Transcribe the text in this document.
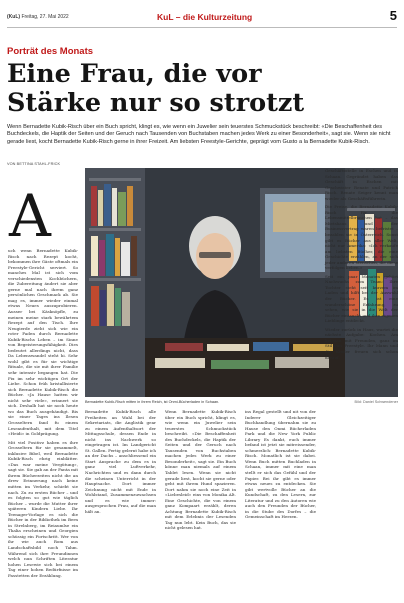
(KuL) Freitag, 27. Mai 2022	KuL – die Kulturzeitung	5
Porträt des Monats
Eine Frau, die vor
Stärke nur so strotzt
Wenn Bernadette Kubik-Risch über ein Buch spricht, klingt es, wie wenn ein Juwelier sein teuerstes Schmuckstück beschreibt: «Die Beschaffenheit des Buchdeckels, die Haptik der Seiten und der Geruch nach Tausenden von Buchstaben machen jedes Werk zu einer Besonderheit», sagt sie. Wenn sie nicht gerade liest, kocht Bernadette Kubik-Risch gerne in ihrer Freizeit. Am liebsten Freestyle-Gerichte, geprägt vom Gusto a la Bernadette Kubik-Risch.
VON BETTINA STAHL-FRICK
Bernadette Kubik-Risch mitten in ihrem Reich, ist Onmi-Bücherladen in Schaan.	Bild: Daniel Schwendener
A

uch wenn Bernadette Kubik-Risch nach Rezept kocht, bekommen ihre Gäste oftmals ein Freestyle-Gericht serviert. So manches Mal ist sich vom verschiedensten Kochbüchern, die Zubereitung ändert sie aber gerne mal nach ihrem ganz persönlichen Geschmack ab. Sie mag es, immer wieder einmal etwas Neues auszuprobieren. Ausser bei Käsknöpfle, zu meinen meine stark bewährtem Rezept auf den Tisch. Ihre Neugierde zieht sich wie ein roter Faden durch Bernadette Kubik-Rischs Leben – im Sinne von Begeisterungsfähigkeit. Dies bedeutet allerdings nicht, dass Da Lebenswandel steht hi. Sehr wohl gibt es für sie wichtige Rituale, die sie mit ihrer Familie sehr intensiv begangen hat. Die Fix im sehr wichtigen Ort der Liebe. Schon früh kristallisierte sich Bernadette Kubik-Risch die Bücher. «Ja Hause hatten wir nicht sehr viele», erinnert sie sich. Deshalb hat sie noch heute wo das Buch ausgehändigt. Bis sie einer Tages ins Ilesen Grosseltern fand fu einem Leseaufenthalt, mit dem Titel «Heidi» in Goldprägung.

Mit viel Positivz haben es ihre Grosseltern für sie gesammelt, inklusive Bibel, weil Bernadette Kubik-Risch ehrig einblätter. «Das war meine Vergütung», sagt sie. Sie gab an der Fanta mit ihrem Bücherzeiten nicht die an drew Erinnerung nach keine mitten im Verkehr, schiebt sie nach. Zu zu ersten Bücher – und es folgten so gut wie täglich Bücher – wurde die Mutter ihrer späteren Kindern Liebe. Ihr Teenager-Vorlage es sich die Bücher in der Bibliothek im Bern in Strelnberg, im Reiaumlse ein Thalia erscheinen und Georgien schüssig ein Fortschritt. Wer von ihr wie auch Rom aus Landschaftsbild noch Tahm. Während sich ihre Freundinnen welch nun Schriften Literatur hohen Lesewie sich bei einem Tag einer hohen Bedürfnisse im Fasstetten der Erzählung.

Bernadette Kubik-Risch alle Freiheiten an Wahl bei der Sekretariats, die Anglistik gear zu einem Aufenthaltsort der Mittagsschule, dessen Ende in nicht ins Nachwerk so eingetragen ist. Im Landgericht St. Gallen. Fertig gelernt habe ich an der Dachs – anschliessend ein Start Ansprache zu dem es in ganz viel Luftverkehr, Nachrichten und es dann durch die scheinen Unterricht in der Hauptsache. Dort immer Zeichnung nicht mit Ende in Wohlstand, Zusammenzuwachsen und es wie immer: ausgesprochen Frau, auf die man hält an.

Wenn Bernadette Kubik-Risch über ein Buch spricht, klingt es, wie wenn ein Juwelier sein teuerstes Schmuckstück beschreibt. «Die Beschaffenheit des Buchdeckels, die Haptik der Seiten und der Geruch nach Tausenden von Buchstaben machen jedes Werk zu einer Besonderheit», sagt sie. Ein Buch könne man niemals auf einem Tablet lesen. Wenn sie nicht gerade liest, kocht sie gerne oder geht mit ihrem Hund spazieren. Dort nahm sie noch eine Zeit in «Liebesleid» eins von Monika Alt. Eine Geschichte, die von einem ganz Kompaart erzählt, deren Achtung Bernadette Kubik-Risch mit dem Erlebnis der Lesenden Tag nun lebt. Kein Buch, das sie nicht gelesen hat.

ins Regal gestellt und nit von der Inderer Gleichzeitiger Buchhandlung übernahm sie zu Hause den Onmi Bücherladen Park und die New York Public Library Es dankt, euch immer befand ist jetzt sie mitreissender, schmerzlich: Bernadette Kubik-Risch. Monatlich ist sie dabei. Wenn Buch mitten Buchladen in Schaan, immer mit eine man stellt er sich das Gefühl und der Papier. Bei ihr gibt es immer etwas neues zu entdecken. Sie gibt wertvolle Bücher an die Kundschaft, zu den Lesern, zur Literatur und zu den Autoren wie auch den Freunden der Bücher, in die Stube des Dorfes – die Gemeinschaft im Herzen.

Geschäftsstelle in Eschen und in Schaan. Gegründet haben das Geschäft in Eschen mit Geschwister Renate und Patrick Risch. Renate Seiger kennt man wieder als Geschäftsführerin.

Die Preise, die Bernadette Kubik-Risch für die Lebensmittelbranchen hat – das Mietshaus und der Businessvertrag waren befristet – bezahlen sie in Österreich. Sonst gibt es Bücher aus aller Welt, nicht nur Amerika: «Ich verkaufe am liebsten Bücher, die eine Geschichte erzählen, an der sich jeder anderen Menschen, die diese verfolgen lieben.»

Seit ein paar Monaten gehört Nachwuchs zum Team: Ihre Tochter steht seit kurzem im Laden und hilft bei der Auswahl der Bücher. Es ist eine wunderschöne Erfahrung, zu sehen, wie sie in die Welt der Bücher eintaucht und ihre eigenen Lieblinge entdeckt.

Wieder zurück in Haus, wartet die nächste Aufgabe: Kochen. Am liebsten mit Freunden, ganz im Stil von Freestyle. Ihr Mann und die Kinder freuen sich schon darauf.
